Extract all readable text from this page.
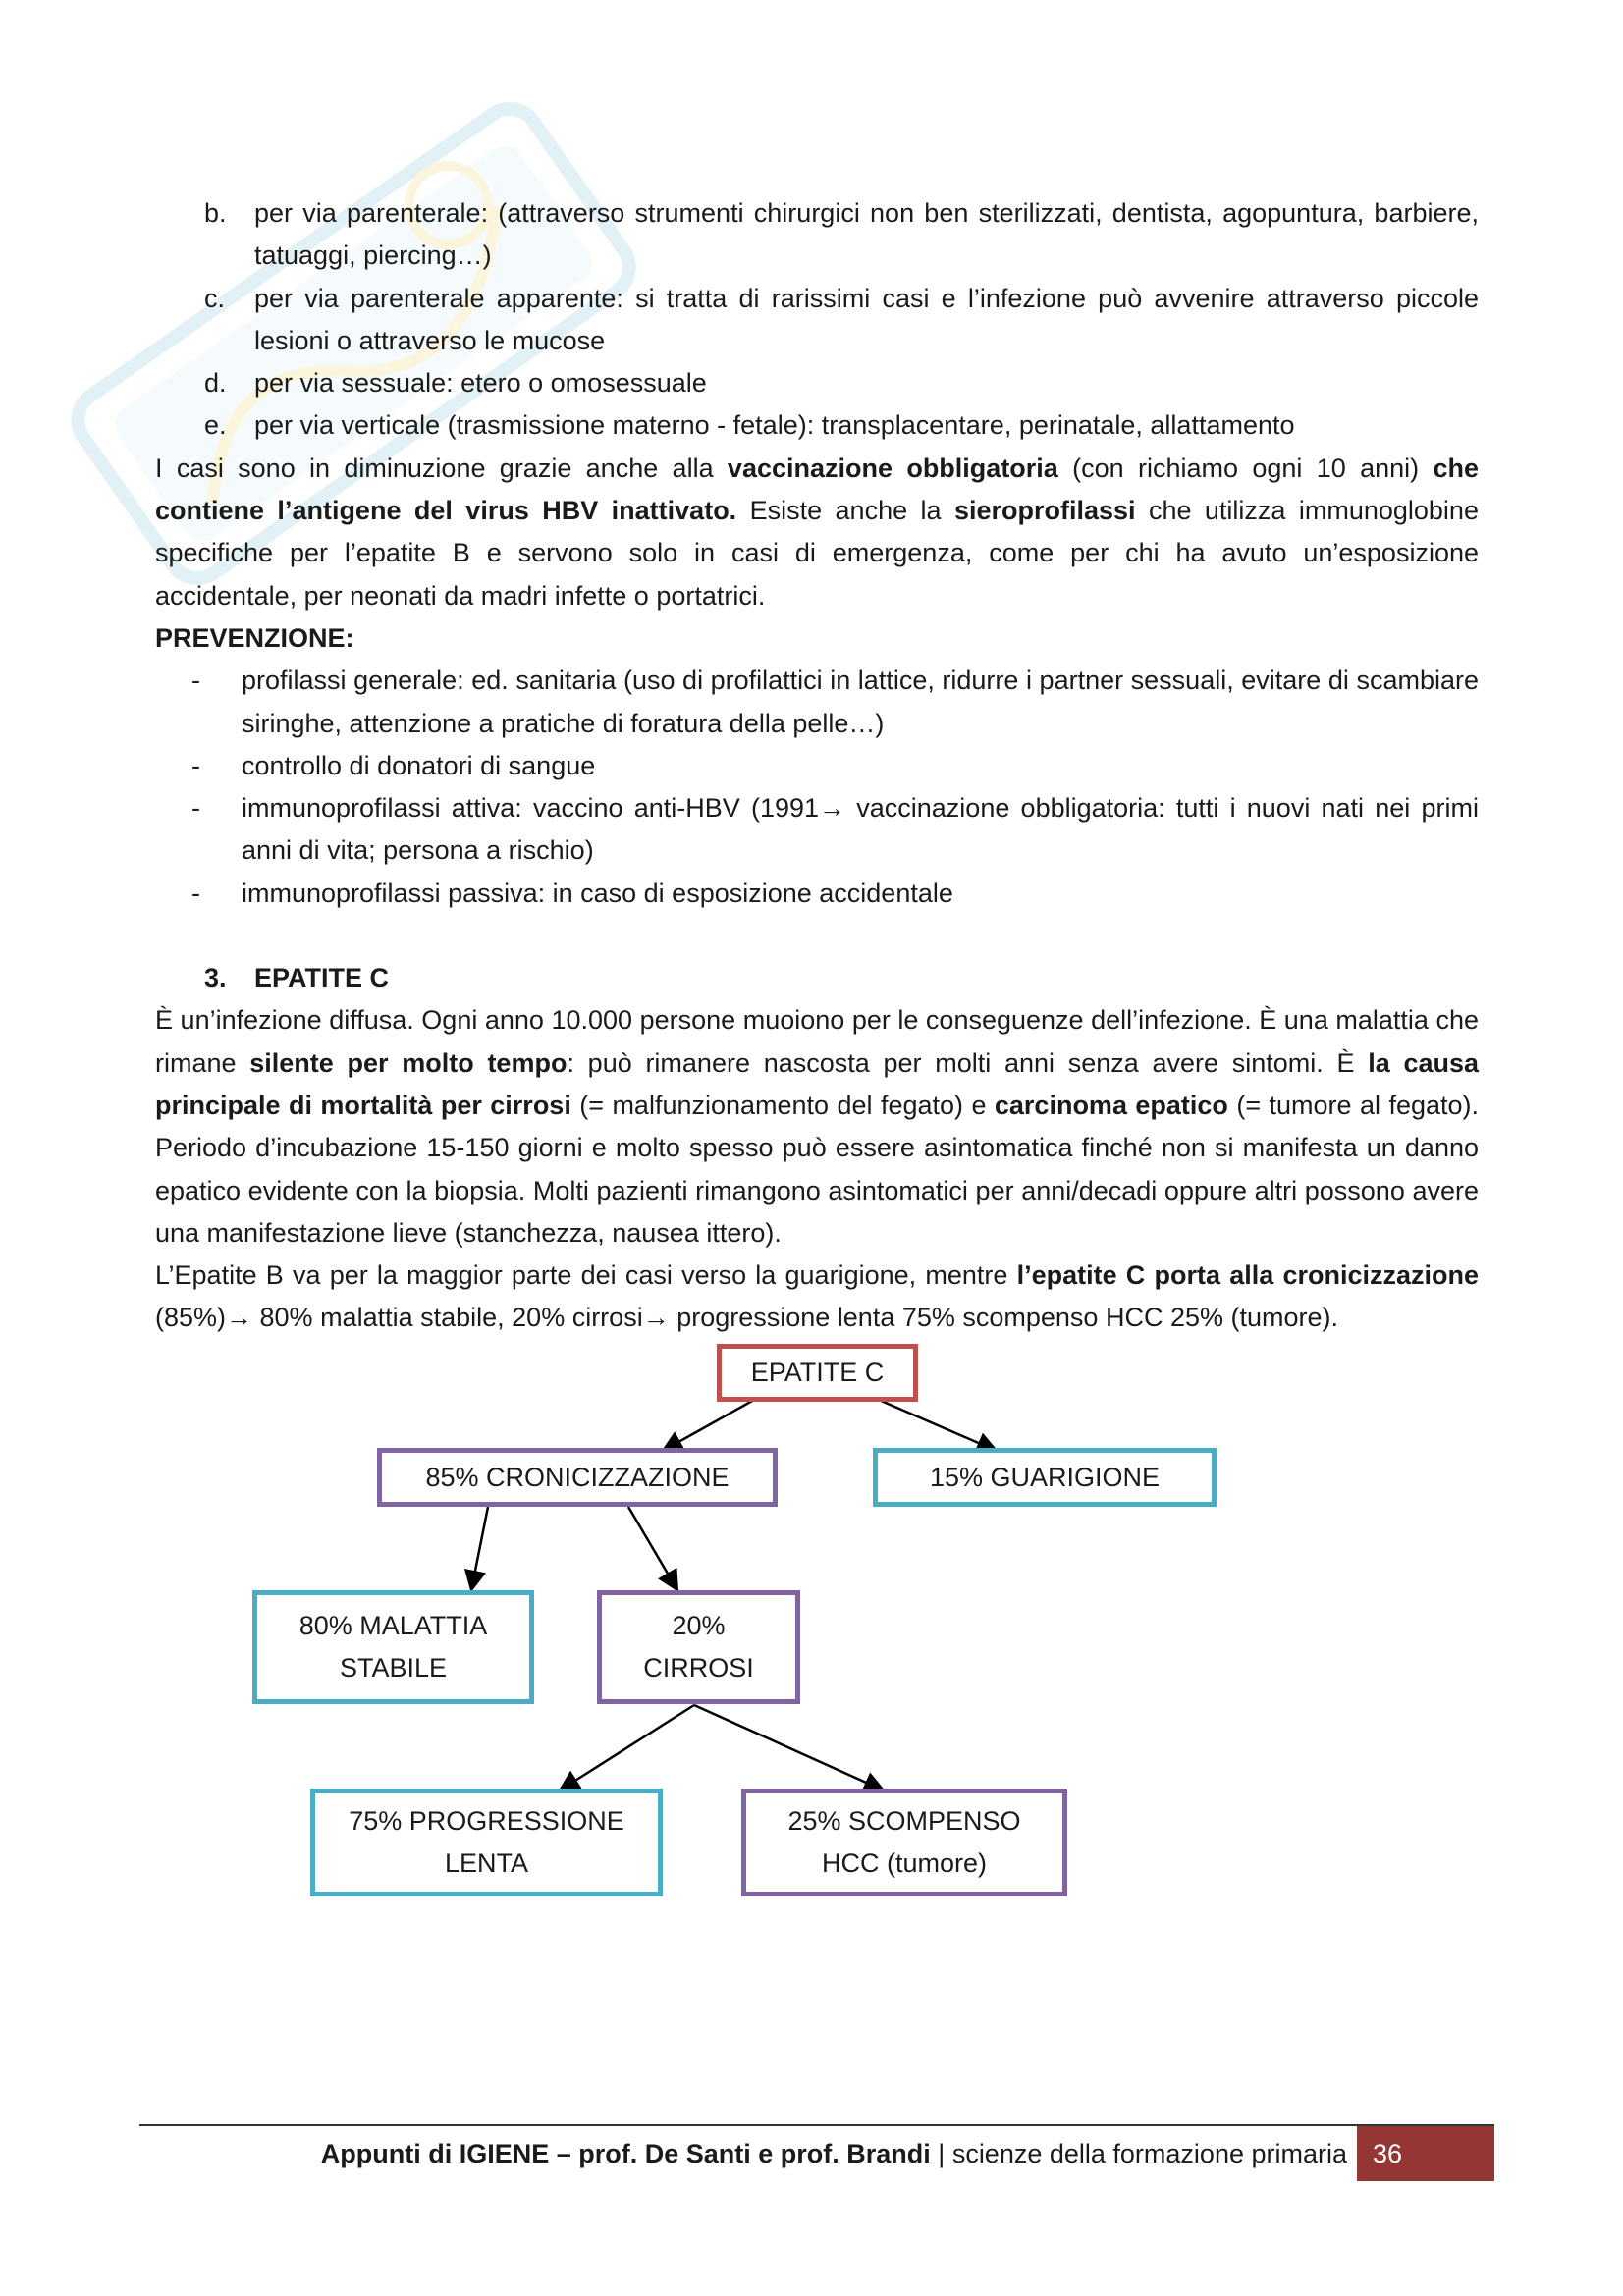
b.	per via parenterale: (attraverso strumenti chirurgici non ben sterilizzati, dentista, agopuntura, barbiere, tatuaggi, piercing…)
c.	per via parenterale apparente: si tratta di rarissimi casi e l’infezione può avvenire attraverso piccole lesioni o attraverso le mucose
d.	per via sessuale: etero o omosessuale
e.	per via verticale (trasmissione materno - fetale): transplacentare, perinatale, allattamento

I casi sono in diminuzione grazie anche alla vaccinazione obbligatoria (con richiamo ogni 10 anni) che contiene l’antigene del virus HBV inattivato. Esiste anche la sieroprofilassi che utilizza immunoglobine specifiche per l’epatite B e servono solo in casi di emergenza, come per chi ha avuto un’esposizione accidentale, per neonati da madri infette o portatrici.

PREVENZIONE:

-	profilassi generale: ed. sanitaria (uso di profilattici in lattice, ridurre i partner sessuali, evitare di scambiare siringhe, attenzione a pratiche di foratura della pelle…)
-	controllo di donatori di sangue
-	immunoprofilassi attiva: vaccino anti-HBV (1991→ vaccinazione obbligatoria: tutti i nuovi nati nei primi anni di vita; persona a rischio)
-	immunoprofilassi passiva: in caso di esposizione accidentale
3.	EPATITE C

È un’infezione diffusa. Ogni anno 10.000 persone muoiono per le conseguenze dell’infezione. È una malattia che rimane silente per molto tempo: può rimanere nascosta per molti anni senza avere sintomi. È la causa principale di mortalità per cirrosi (= malfunzionamento del fegato) e carcinoma epatico (= tumore al fegato). Periodo d’incubazione 15-150 giorni e molto spesso può essere asintomatica finché non si manifesta un danno epatico evidente con la biopsia. Molti pazienti rimangono asintomatici per anni/decadi oppure altri possono avere una manifestazione lieve (stanchezza, nausea ittero).

L’Epatite B va per la maggior parte dei casi verso la guarigione, mentre l’epatite C porta alla cronicizzazione (85%)→ 80% malattia stabile, 20% cirrosi→ progressione lenta 75% scompenso HCC 25% (tumore).

EPATITE C
85% CRONICIZZAZIONE	15% GUARIGIONE
80% MALATTIA
STABILE
20%
CIRROSI
75% PROGRESSIONE
LENTA
25% SCOMPENSO
HCC (tumore)
Appunti di IGIENE – prof. De Santi e prof. Brandi | scienze della formazione primaria 36
